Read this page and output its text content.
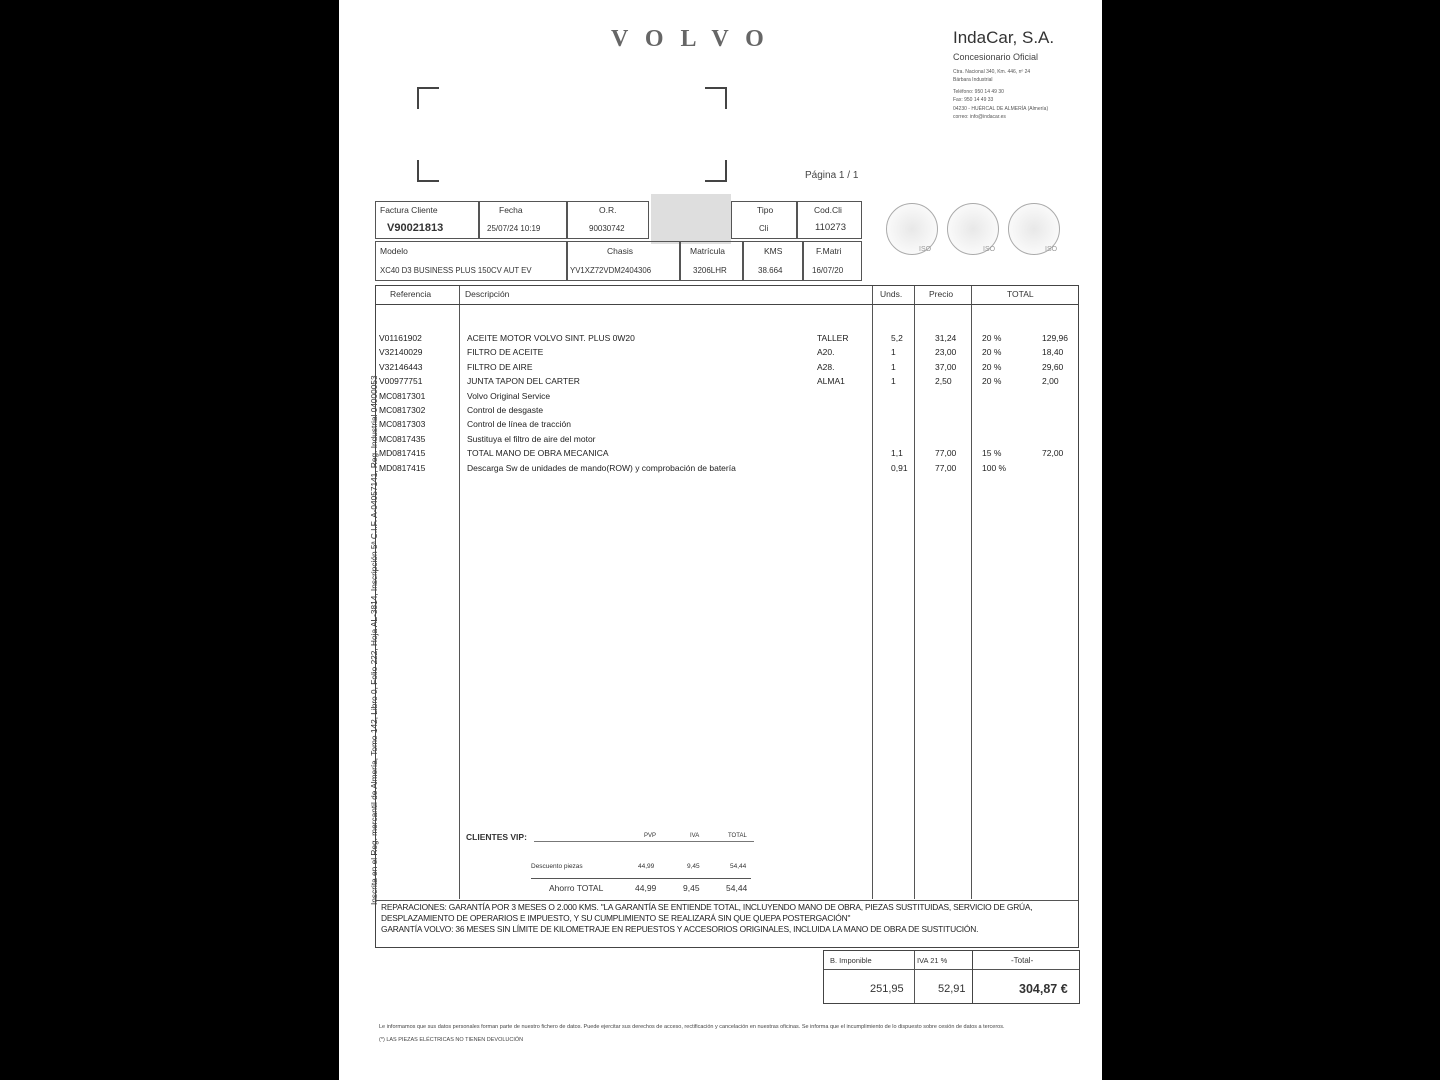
VOLVO	IndaCar, S.A.
Concesionario Oficial
Ctra. Nacional 340, Km. 446, nº 24
Bárbara Industrial
Teléfono: 950 14 49 30
Fax: 950 14 49 33
04230 - HUÉRCAL DE ALMERÍA (Almería)
correo: info@indacar.es
Página 1 / 1
Factura Cliente
V90021813
Fecha
25/07/24 10:19
O.R.
90030742
Tipo
Cli
Cod.Cli
110273
Modelo
XC40 D3 BUSINESS PLUS 150CV AUT EV
Chasis
YV1XZ72VDM2404306
Matrícula
3206LHR
KMS
38.664
F.Matri
16/07/20
ISO	ISO	ISO
Inscrita en el Reg. mercantil de Almería, Tomo 142, Libro 0, Folio 222, Hoja AL-3814, Inscripción 5ª C.I.F. A-04057141, Reg. Industrial 04000053
Referencia	Descripción	Unds.	Precio	TOTAL
V01161902	ACEITE MOTOR VOLVO SINT. PLUS 0W20	TALLER	5,2	31,24	20 %	129,96
V32140029	FILTRO DE ACEITE	A20.	1	23,00	20 %	18,40
V32146443	FILTRO DE AIRE	A28.	1	37,00	20 %	29,60
V00977751	JUNTA TAPON DEL CARTER	ALMA1	1	2,50	20 %	2,00
MC0817301	Volvo Original Service
MC0817302	Control de desgaste
MC0817303	Control de línea de tracción
MC0817435	Sustituya el filtro de aire del motor
MD0817415	TOTAL MANO DE OBRA MECANICA	1,1	77,00	15 %	72,00
MD0817415	Descarga Sw de unidades de mando(ROW) y comprobación de batería	0,91	77,00	100 %
CLIENTES VIP:	PVP	IVA	TOTAL
Descuento piezas	44,99	9,45	54,44
Ahorro TOTAL	44,99	9,45	54,44
REPARACIONES: GARANTÍA POR 3 MESES O 2.000 KMS. "LA GARANTÍA SE ENTIENDE TOTAL, INCLUYENDO MANO DE OBRA, PIEZAS SUSTITUIDAS, SERVICIO DE GRÚA, DESPLAZAMIENTO DE OPERARIOS E IMPUESTO, Y SU CUMPLIMIENTO SE REALIZARÁ SIN QUE QUEPA POSTERGACIÓN"
GARANTÍA VOLVO: 36 MESES SIN LÍMITE DE KILOMETRAJE EN REPUESTOS Y ACCESORIOS ORIGINALES, INCLUIDA LA MANO DE OBRA DE SUSTITUCIÓN.
B. Imponible	IVA 21 %	-Total-
251,95	52,91	304,87 €
Le informamos que sus datos personales forman parte de nuestro fichero de datos. Puede ejercitar sus derechos de acceso, rectificación y cancelación en nuestras oficinas. Se informa que el incumplimiento de lo dispuesto sobre cesión de datos a terceros.
(*) LAS PIEZAS ELÉCTRICAS NO TIENEN DEVOLUCIÓN
